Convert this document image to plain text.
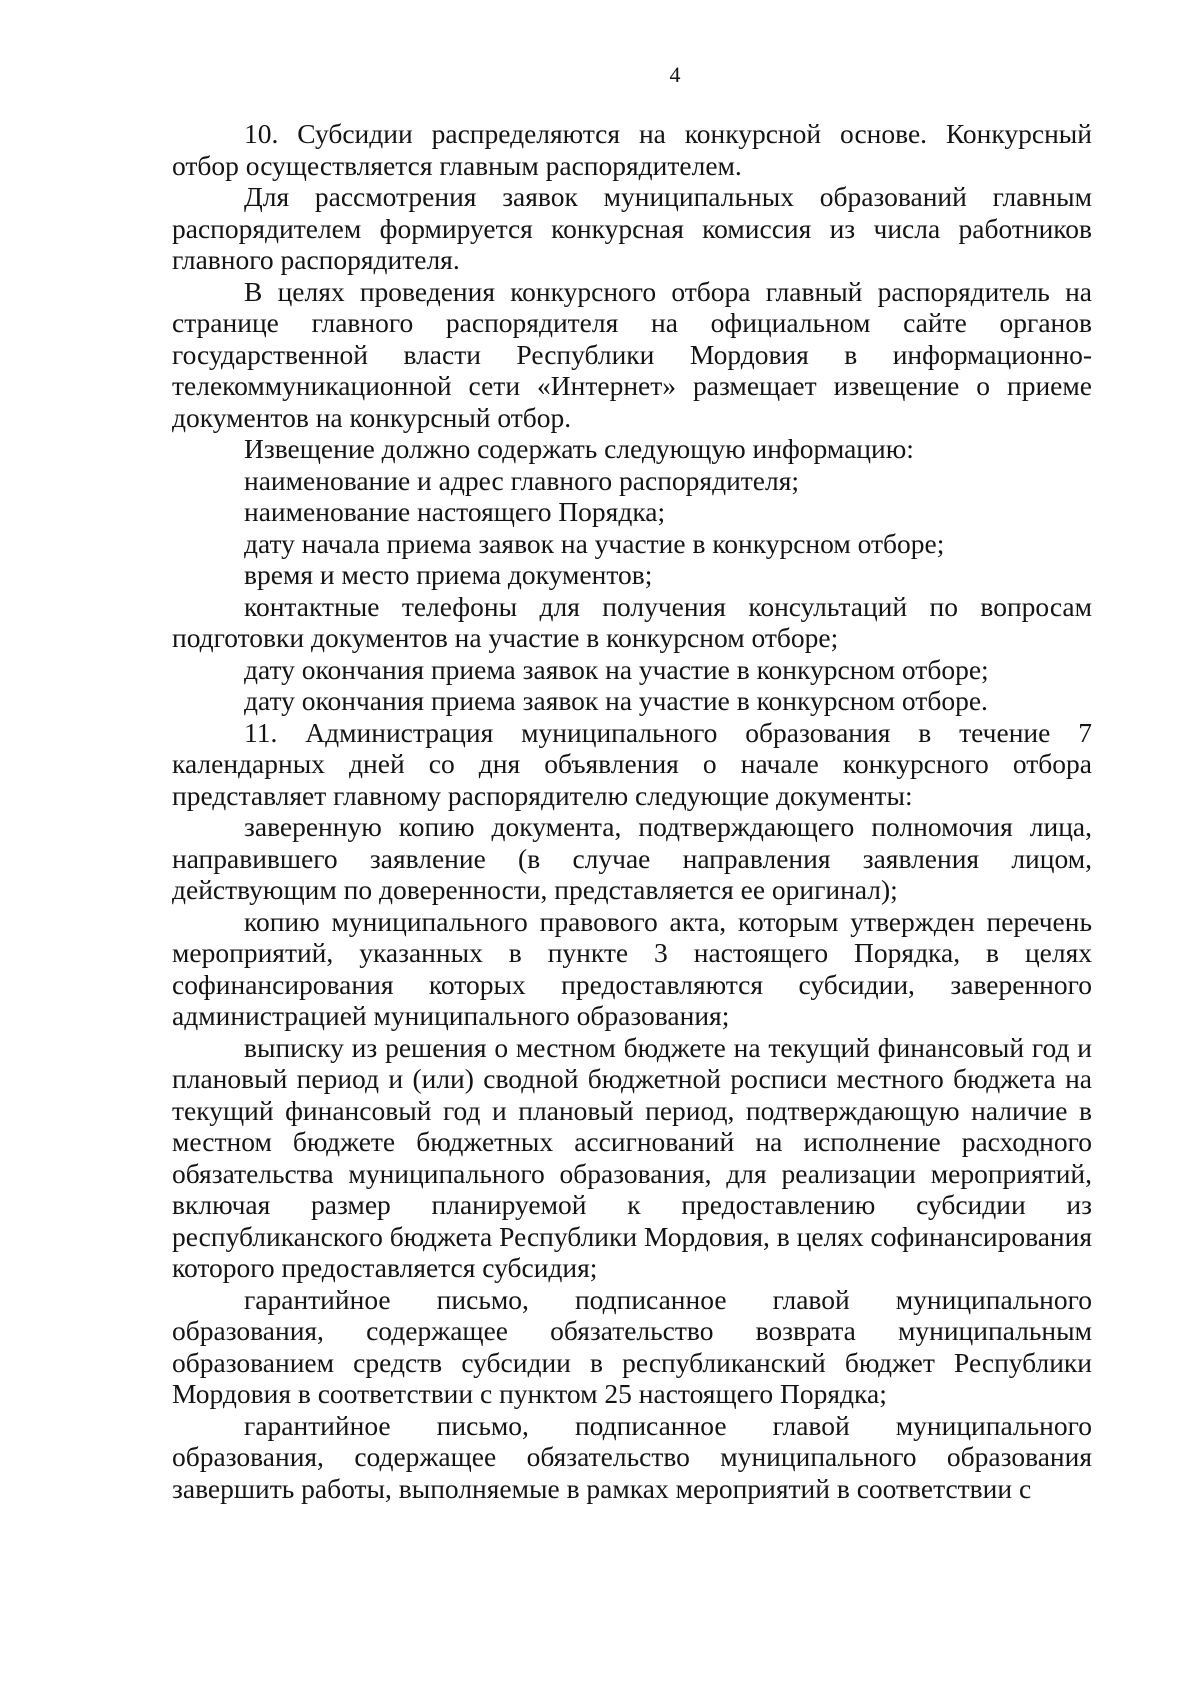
4

10. Субсидии распределяются на конкурсной основе. Конкурсный отбор осуществляется главным распорядителем.

Для рассмотрения заявок муниципальных образований главным распорядителем формируется конкурсная комиссия из числа работников главного распорядителя.

В целях проведения конкурсного отбора главный распорядитель на странице главного распорядителя на официальном сайте органов государственной власти Республики Мордовия в информационно-телекоммуникационной сети «Интернет» размещает извещение о приеме документов на конкурсный отбор.

Извещение должно содержать следующую информацию:

наименование и адрес главного распорядителя;

наименование настоящего Порядка;

дату начала приема заявок на участие в конкурсном отборе;

время и место приема документов;

контактные телефоны для получения консультаций по вопросам подготовки документов на участие в конкурсном отборе;

дату окончания приема заявок на участие в конкурсном отборе;

дату окончания приема заявок на участие в конкурсном отборе.

11. Администрация муниципального образования в течение 7 календарных дней со дня объявления о начале конкурсного отбора представляет главному распорядителю следующие документы:

заверенную копию документа, подтверждающего полномочия лица, направившего заявление (в случае направления заявления лицом, действующим по доверенности, представляется ее оригинал);

копию муниципального правового акта, которым утвержден перечень мероприятий, указанных в пункте 3 настоящего Порядка, в целях софинансирования которых предоставляются субсидии, заверенного администрацией муниципального образования;

выписку из решения о местном бюджете на текущий финансовый год и плановый период и (или) сводной бюджетной росписи местного бюджета на текущий финансовый год и плановый период, подтверждающую наличие в местном бюджете бюджетных ассигнований на исполнение расходного обязательства муниципального образования, для реализации мероприятий, включая размер планируемой к предоставлению субсидии из республиканского бюджета Республики Мордовия, в целях софинансирования которого предоставляется субсидия;

гарантийное письмо, подписанное главой муниципального образования, содержащее обязательство возврата муниципальным образованием средств субсидии в республиканский бюджет Республики Мордовия в соответствии с пунктом 25 настоящего Порядка;

гарантийное письмо, подписанное главой муниципального образования, содержащее обязательство муниципального образования завершить работы, выполняемые в рамках мероприятий в соответствии с
